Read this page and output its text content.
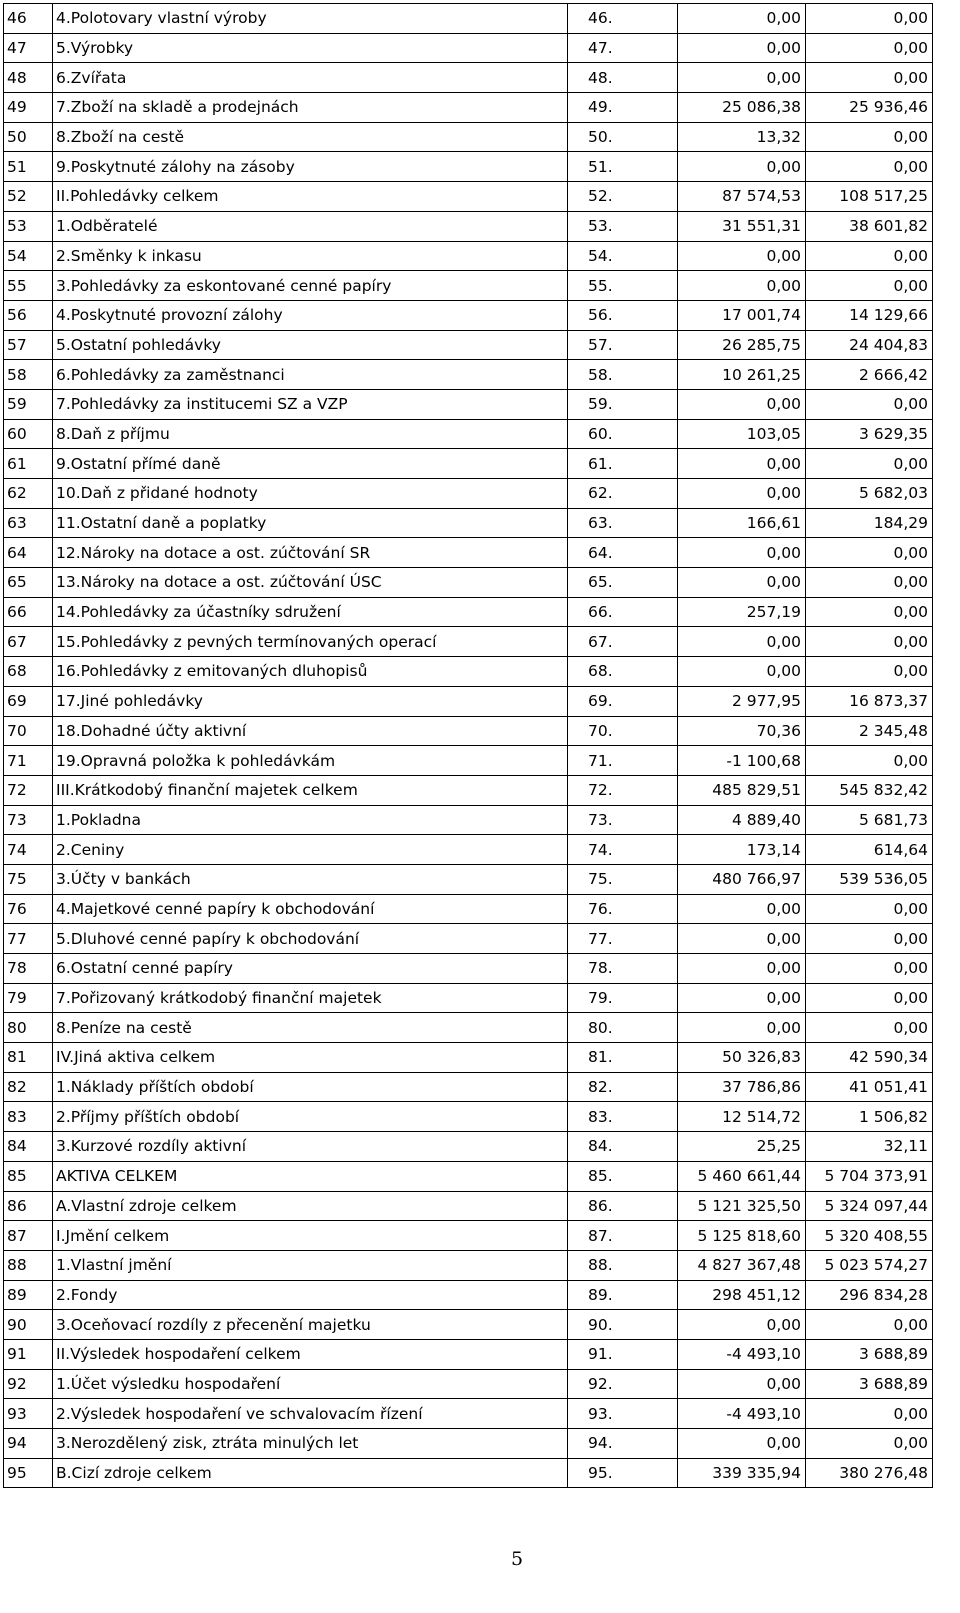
46	4.Polotovary vlastní výroby	46.	0,00	0,00
47	5.Výrobky	47.	0,00	0,00
48	6.Zvířata	48.	0,00	0,00
49	7.Zboží na skladě a prodejnách	49.	25 086,38	25 936,46
50	8.Zboží na cestě	50.	13,32	0,00
51	9.Poskytnuté zálohy na zásoby	51.	0,00	0,00
52	II.Pohledávky celkem	52.	87 574,53	108 517,25
53	1.Odběratelé	53.	31 551,31	38 601,82
54	2.Směnky k inkasu	54.	0,00	0,00
55	3.Pohledávky za eskontované cenné papíry	55.	0,00	0,00
56	4.Poskytnuté provozní zálohy	56.	17 001,74	14 129,66
57	5.Ostatní pohledávky	57.	26 285,75	24 404,83
58	6.Pohledávky za zaměstnanci	58.	10 261,25	2 666,42
59	7.Pohledávky za institucemi SZ a VZP	59.	0,00	0,00
60	8.Daň z příjmu	60.	103,05	3 629,35
61	9.Ostatní přímé daně	61.	0,00	0,00
62	10.Daň z přidané hodnoty	62.	0,00	5 682,03
63	11.Ostatní daně a poplatky	63.	166,61	184,29
64	12.Nároky na dotace a ost. zúčtování SR	64.	0,00	0,00
65	13.Nároky na dotace a ost. zúčtování ÚSC	65.	0,00	0,00
66	14.Pohledávky za účastníky sdružení	66.	257,19	0,00
67	15.Pohledávky z pevných termínovaných operací	67.	0,00	0,00
68	16.Pohledávky z emitovaných dluhopisů	68.	0,00	0,00
69	17.Jiné pohledávky	69.	2 977,95	16 873,37
70	18.Dohadné účty aktivní	70.	70,36	2 345,48
71	19.Opravná položka k pohledávkám	71.	-1 100,68	0,00
72	III.Krátkodobý finanční majetek celkem	72.	485 829,51	545 832,42
73	1.Pokladna	73.	4 889,40	5 681,73
74	2.Ceniny	74.	173,14	614,64
75	3.Účty v bankách	75.	480 766,97	539 536,05
76	4.Majetkové cenné papíry k obchodování	76.	0,00	0,00
77	5.Dluhové cenné papíry k obchodování	77.	0,00	0,00
78	6.Ostatní cenné papíry	78.	0,00	0,00
79	7.Pořizovaný krátkodobý finanční majetek	79.	0,00	0,00
80	8.Peníze na cestě	80.	0,00	0,00
81	IV.Jiná aktiva celkem	81.	50 326,83	42 590,34
82	1.Náklady příštích období	82.	37 786,86	41 051,41
83	2.Příjmy příštích období	83.	12 514,72	1 506,82
84	3.Kurzové rozdíly aktivní	84.	25,25	32,11
85	AKTIVA CELKEM	85.	5 460 661,44	5 704 373,91
86	A.Vlastní zdroje celkem	86.	5 121 325,50	5 324 097,44
87	I.Jmění celkem	87.	5 125 818,60	5 320 408,55
88	1.Vlastní jmění	88.	4 827 367,48	5 023 574,27
89	2.Fondy	89.	298 451,12	296 834,28
90	3.Oceňovací rozdíly z přecenění majetku	90.	0,00	0,00
91	II.Výsledek hospodaření celkem	91.	-4 493,10	3 688,89
92	1.Účet výsledku hospodaření	92.	0,00	3 688,89
93	2.Výsledek hospodaření ve schvalovacím řízení	93.	-4 493,10	0,00
94	3.Nerozdělený zisk, ztráta minulých let	94.	0,00	0,00
95	B.Cizí zdroje celkem	95.	339 335,94	380 276,48
5
